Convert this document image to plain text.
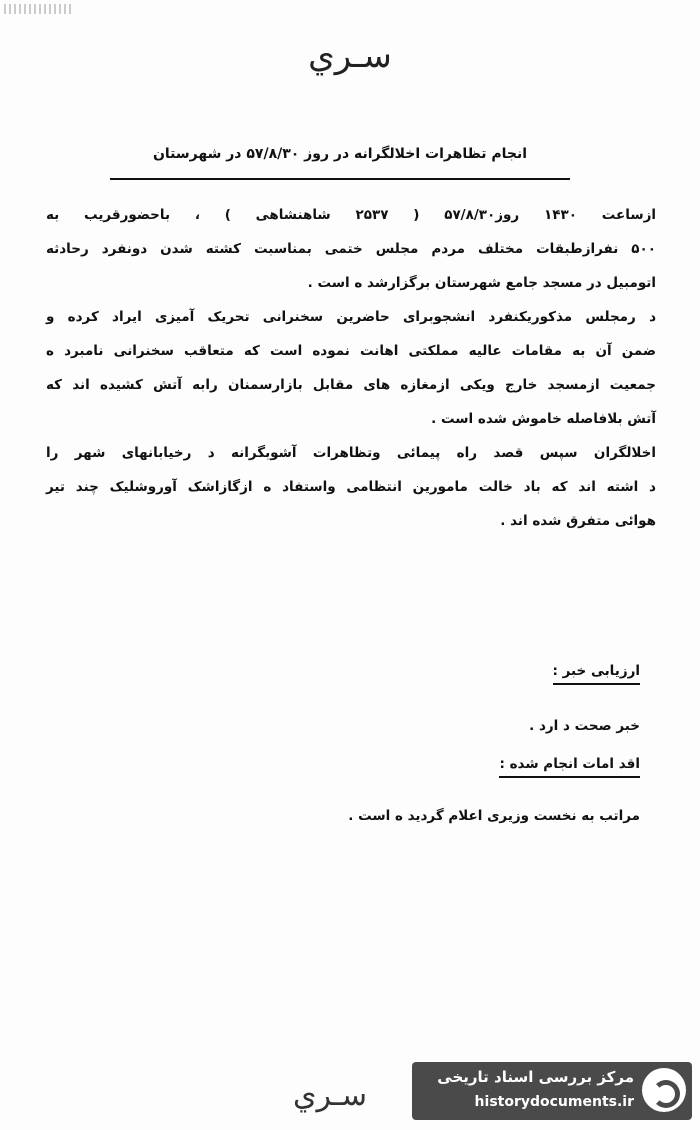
سـري
انجام تظاهرات اخلالگرانه در روز ۵۷/۸/۳۰ در شهرستان
ازساعت ۱۴۳۰ روز۵۷/۸/۳۰ ( ۲۵۳۷ شاهنشاهی ) ، باحضورقریب به
۵۰۰ نفرازطبقات مختلف مردم مجلس ختمی بمناسبت کشته شدن دونفرد رحادثه
اتومبیل در مسجد جامع شهرستان برگزارشد ه است .
د رمجلس مذکوریکنفرد انشجوبرای حاضرین سخنرانی تحریک آمیزی ایراد کرده و
ضمن آن به مقامات عالیه مملکتی اهانت نموده است که متعاقب سخنرانی نامبرد ه
جمعیت ازمسجد خارج ویکی ازمغازه های مقابل بازارسمنان رابه آتش کشیده اند که
آتش بلافاصله خاموش شده است .
اخلالگران سپس قصد راه پیمائی وتظاهرات آشوبگرانه د رخیابانهای شهر را
د اشته اند که باد خالت مامورین انتظامی واستفاد ه ازگازاشک آوروشلیک چند تیر
هوائی متفرق شده اند .
ارزیابی خبر :
خبر صحت د ارد .
اقد امات انجام شده :
مراتب به نخست وزیری اعلام گردید ه است .
سـري
مرکز بررسی اسناد تاریخی
historydocuments.ir
